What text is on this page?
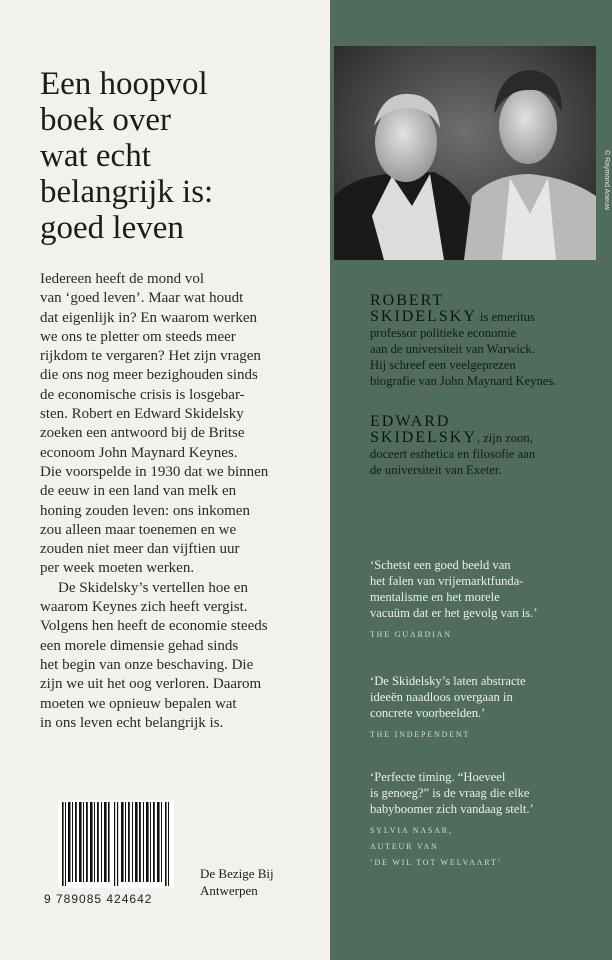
Een hoopvol
boek over
wat echt
belangrijk is:
goed leven

Iedereen heeft de mond vol
van ‘goed leven’. Maar wat houdt
dat eigenlijk in? En waarom werken
we ons te pletter om steeds meer
rijkdom te vergaren? Het zijn vragen
die ons nog meer bezighouden sinds
de economische crisis is losgebar-
sten. Robert en Edward Skidelsky
zoeken een antwoord bij de Britse
econoom John Maynard Keynes.
Die voorspelde in 1930 dat we binnen
de eeuw in een land van melk en
honing zouden leven: ons inkomen
zou alleen maar toenemen en we
zouden niet meer dan vijftien uur
per week moeten werken.

De Skidelsky’s vertellen hoe en
waarom Keynes zich heeft vergist.
Volgens hen heeft de economie steeds
een morele dimensie gehad sinds
het begin van onze beschaving. Die
zijn we uit het oog verloren. Daarom
moeten we opnieuw bepalen wat
in ons leven echt belangrijk is.

9 789085 424642
De Bezige Bij
Antwerpen
© Raymond Aneuw
ROBERT
SKIDELSKY is emeritus
professor politieke economie
aan de universiteit van Warwick.
Hij schreef een veelgeprezen
biografie van John Maynard Keynes.
EDWARD
SKIDELSKY, zijn zoon,
doceert esthetica en filosofie aan
de universiteit van Exeter.
‘Schetst een goed beeld van
het falen van vrijemarktfunda-
mentalisme en het morele
vacuüm dat er het gevolg van is.’
THE GUARDIAN
‘De Skidelsky’s laten abstracte
ideeën naadloos overgaan in
concrete voorbeelden.’
THE INDEPENDENT
‘Perfecte timing. “Hoeveel
is genoeg?” is de vraag die elke
babyboomer zich vandaag stelt.’
SYLVIA NASAR,
AUTEUR VAN
‘DE WIL TOT WELVAART’
